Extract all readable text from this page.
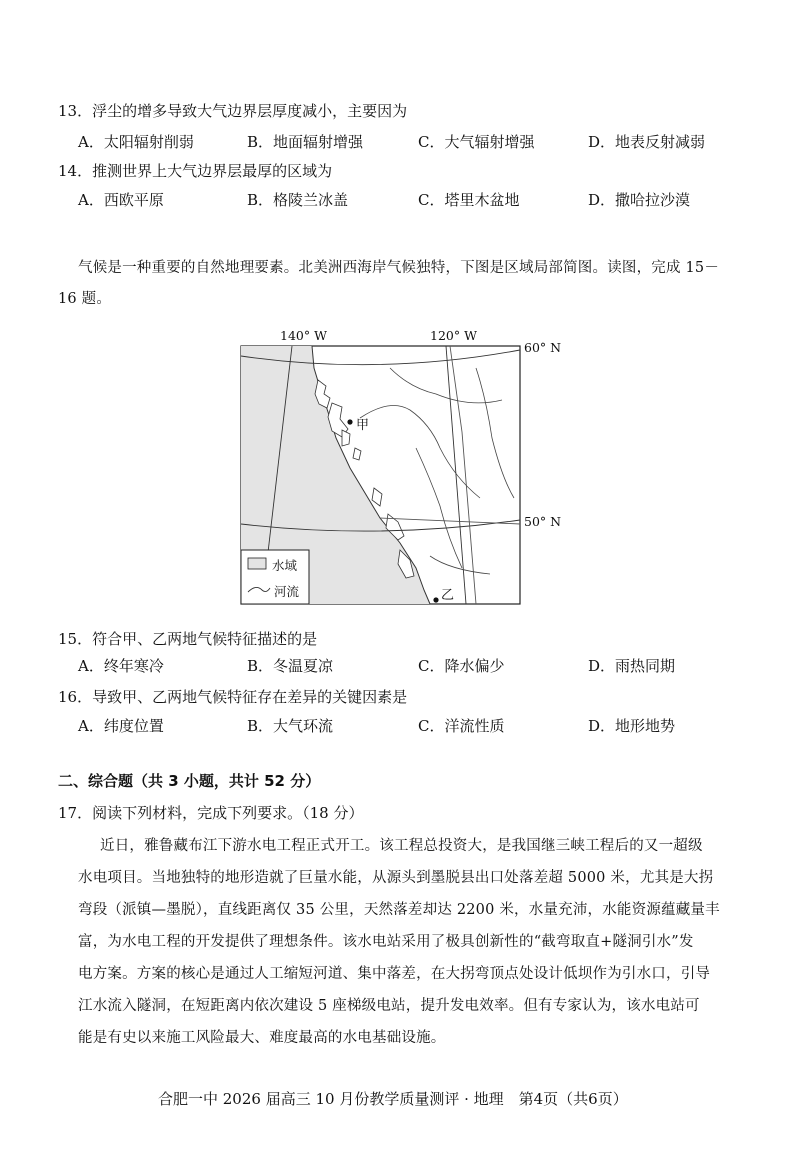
13．浮尘的增多导致大气边界层厚度减小，主要因为
A．太阳辐射削弱	B．地面辐射增强	C．大气辐射增强	D．地表反射减弱
14．推测世界上大气边界层最厚的区域为
A．西欧平原	B．格陵兰冰盖	C．塔里木盆地	D．撒哈拉沙漠
气候是一种重要的自然地理要素。北美洲西海岸气候独特，下图是区域局部简图。读图，完成 15－
16 题。
140° W	120° W
60° N
50° N
甲
乙
水域
河流
15．符合甲、乙两地气候特征描述的是
A．终年寒冷	B．冬温夏凉	C．降水偏少	D．雨热同期
16．导致甲、乙两地气候特征存在差异的关键因素是
A．纬度位置	B．大气环流	C．洋流性质	D．地形地势
二、综合题（共 3 小题，共计 52 分）
17．阅读下列材料，完成下列要求。（18 分）
近日，雅鲁藏布江下游水电工程正式开工。该工程总投资大，是我国继三峡工程后的又一超级
水电项目。当地独特的地形造就了巨量水能，从源头到墨脱县出口处落差超 5000 米，尤其是大拐
弯段（派镇—墨脱），直线距离仅 35 公里，天然落差却达 2200 米，水量充沛，水能资源蕴藏量丰
富，为水电工程的开发提供了理想条件。该水电站采用了极具创新性的“截弯取直+隧洞引水”发
电方案。方案的核心是通过人工缩短河道、集中落差，在大拐弯顶点处设计低坝作为引水口，引导
江水流入隧洞，在短距离内依次建设 5 座梯级电站，提升发电效率。但有专家认为，该水电站可
能是有史以来施工风险最大、难度最高的水电基础设施。
合肥一中 2026 届高三 10 月份教学质量测评 · 地理　第4页（共6页）
